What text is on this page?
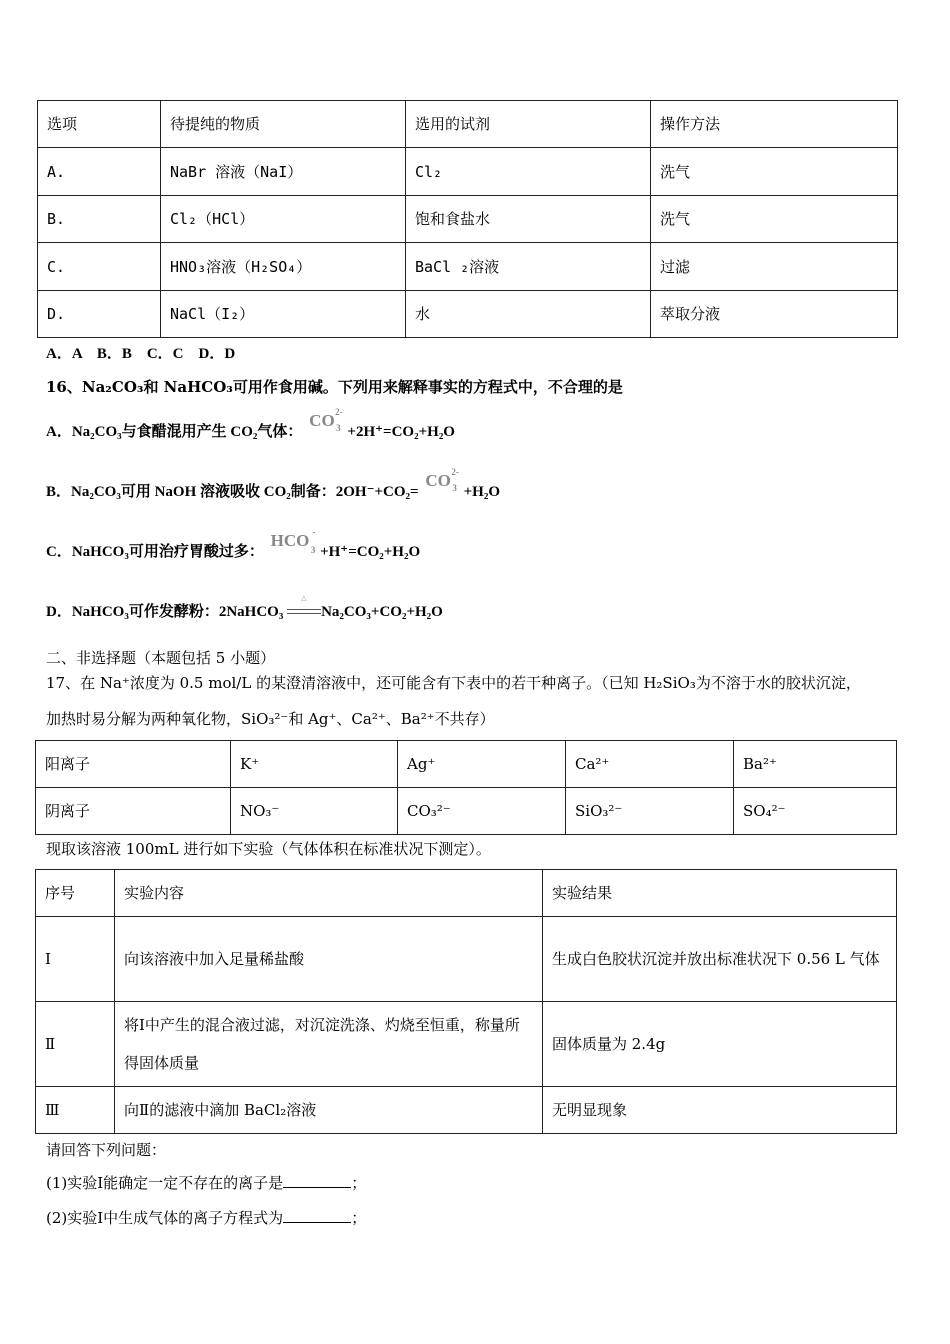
选项	待提纯的物质	选用的试剂	操作方法
A.	NaBr 溶液（NaI）	Cl₂	洗气
B.	Cl₂（HCl）	饱和食盐水	洗气
C.	HNO₃溶液（H₂SO₄）	BaCl ₂溶液	过滤
D.	NaCl（I₂）	水	萃取分液
A．A　B．B　C．C　D．D
16、Na₂CO₃和 NaHCO₃可用作食用碱。下列用来解释事实的方程式中，不合理的是
A．Na₂CO₃与食醋混用产生 CO₂气体： CO 2-
3 +2H⁺=CO₂+H₂O
B．Na₂CO₃可用 NaOH 溶液吸收 CO₂制备：2OH⁻+CO₂= CO 2-
3 +H₂O
C．NaHCO₃可用治疗胃酸过多： HCO -
3 +H⁺=CO₂+H₂O
D．NaHCO₃可作发酵粉：2NaHCO₃
△
Na₂CO₃+CO₂+H₂O
二、非选择题（本题包括 5 小题）
17、在 Na⁺浓度为 0.5 mol/L 的某澄清溶液中，还可能含有下表中的若干种离子。（已知 H₂SiO₃为不溶于水的胶状沉淀，
加热时易分解为两种氧化物，SiO₃²⁻和 Ag⁺、Ca²⁺、Ba²⁺不共存）
阳离子	K⁺	Ag⁺	Ca²⁺	Ba²⁺
阴离子	NO₃⁻	CO₃²⁻	SiO₃²⁻	SO₄²⁻
现取该溶液 100mL 进行如下实验（气体体积在标准状况下测定）。
序号	实验内容	实验结果
Ⅰ	向该溶液中加入足量稀盐酸	生成白色胶状沉淀并放出标准状况下 0.56 L 气体
Ⅱ	将Ⅰ中产生的混合液过滤，对沉淀洗涤、灼烧至恒重，称量所得固体质量	固体质量为 2.4g
Ⅲ	向Ⅱ的滤液中滴加 BaCl₂溶液	无明显现象
请回答下列问题：
(1)实验Ⅰ能确定一定不存在的离子是	；
(2)实验Ⅰ中生成气体的离子方程式为	；
